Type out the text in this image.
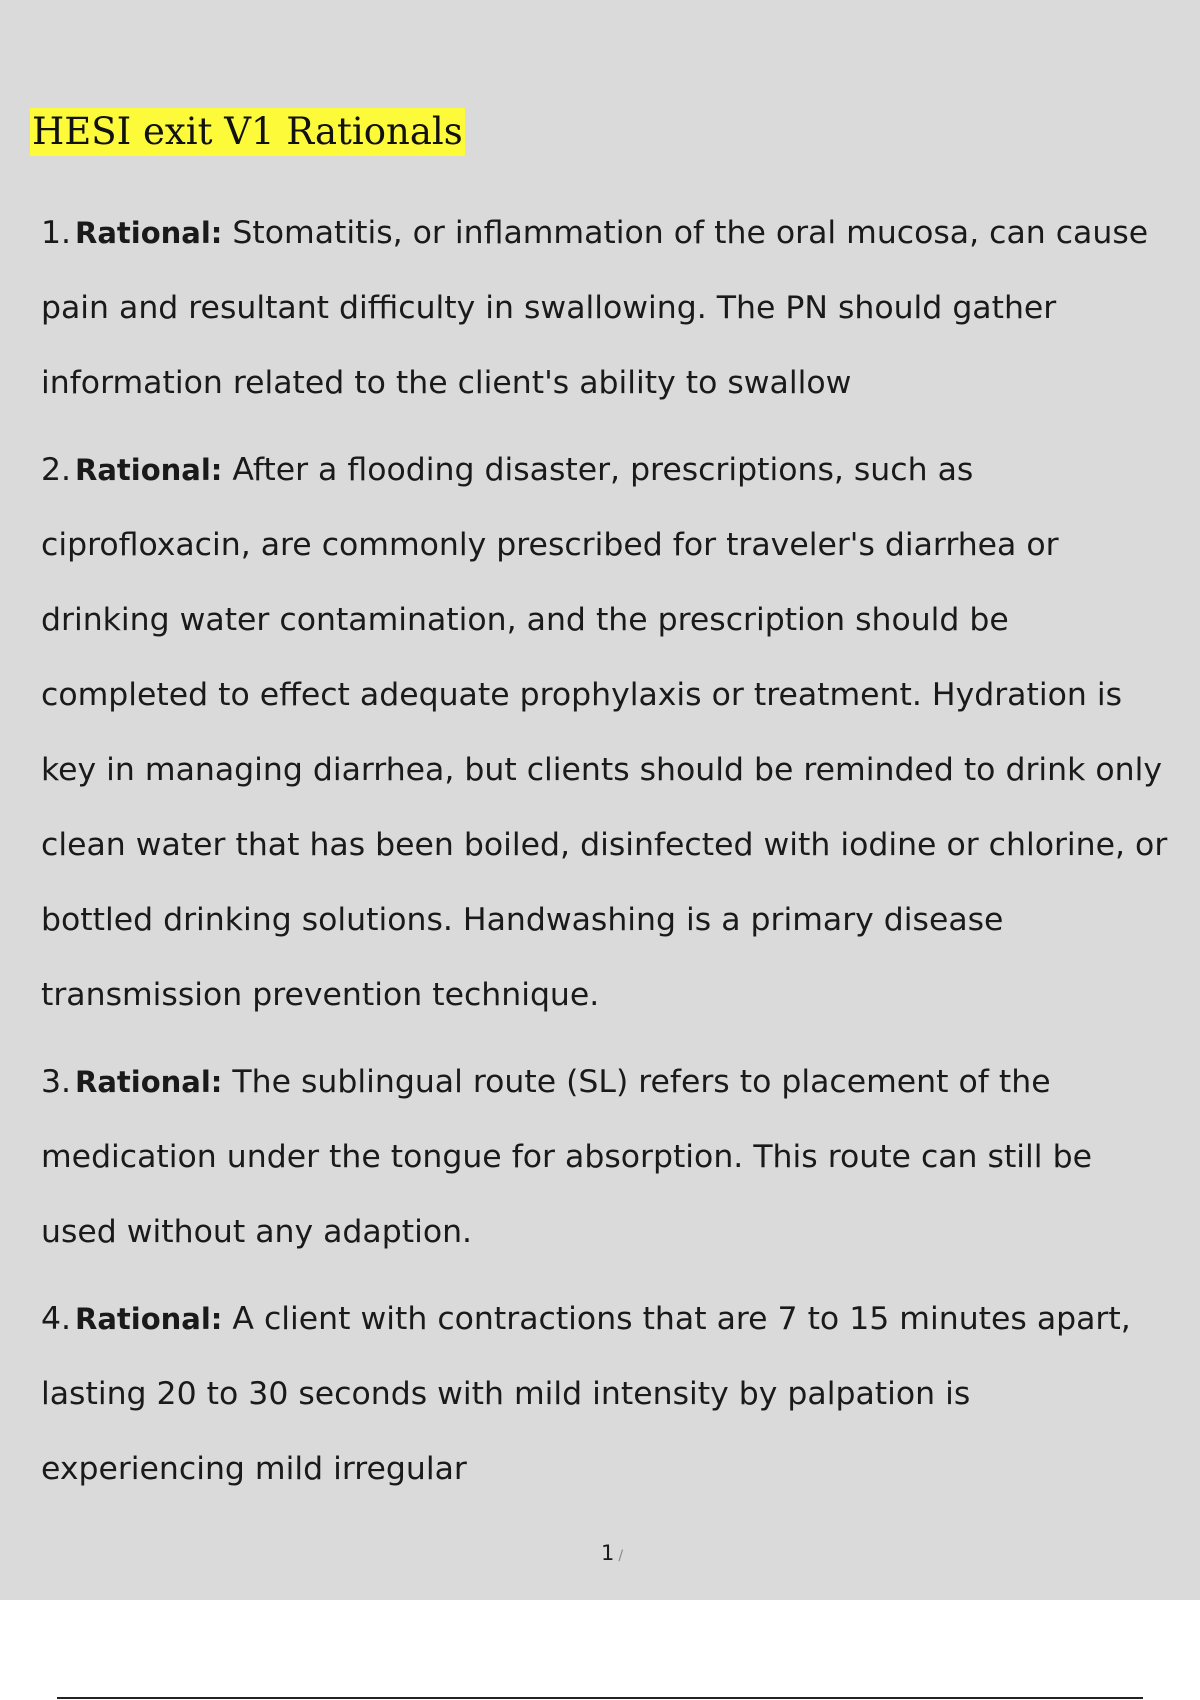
HESI exit V1 Rationals
1. Rational: Stomatitis, or inflammation of the oral mucosa, can cause
pain and resultant difficulty in swallowing. The PN should gather
information related to the client's ability to swallow
2. Rational: After a flooding disaster, prescriptions, such as
ciprofloxacin, are commonly prescribed for traveler's diarrhea or
drinking water contamination, and the prescription should be
completed to effect adequate prophylaxis or treatment. Hydration is
key in managing diarrhea, but clients should be reminded to drink only
clean water that has been boiled, disinfected with iodine or chlorine, or
bottled drinking solutions. Handwashing is a primary disease
transmission prevention technique.
3. Rational: The sublingual route (SL) refers to placement of the
medication under the tongue for absorption. This route can still be
used without any adaption.
4. Rational: A client with contractions that are 7 to 15 minutes apart,
lasting 20 to 30 seconds with mild intensity by palpation is
experiencing mild irregular
1 /
